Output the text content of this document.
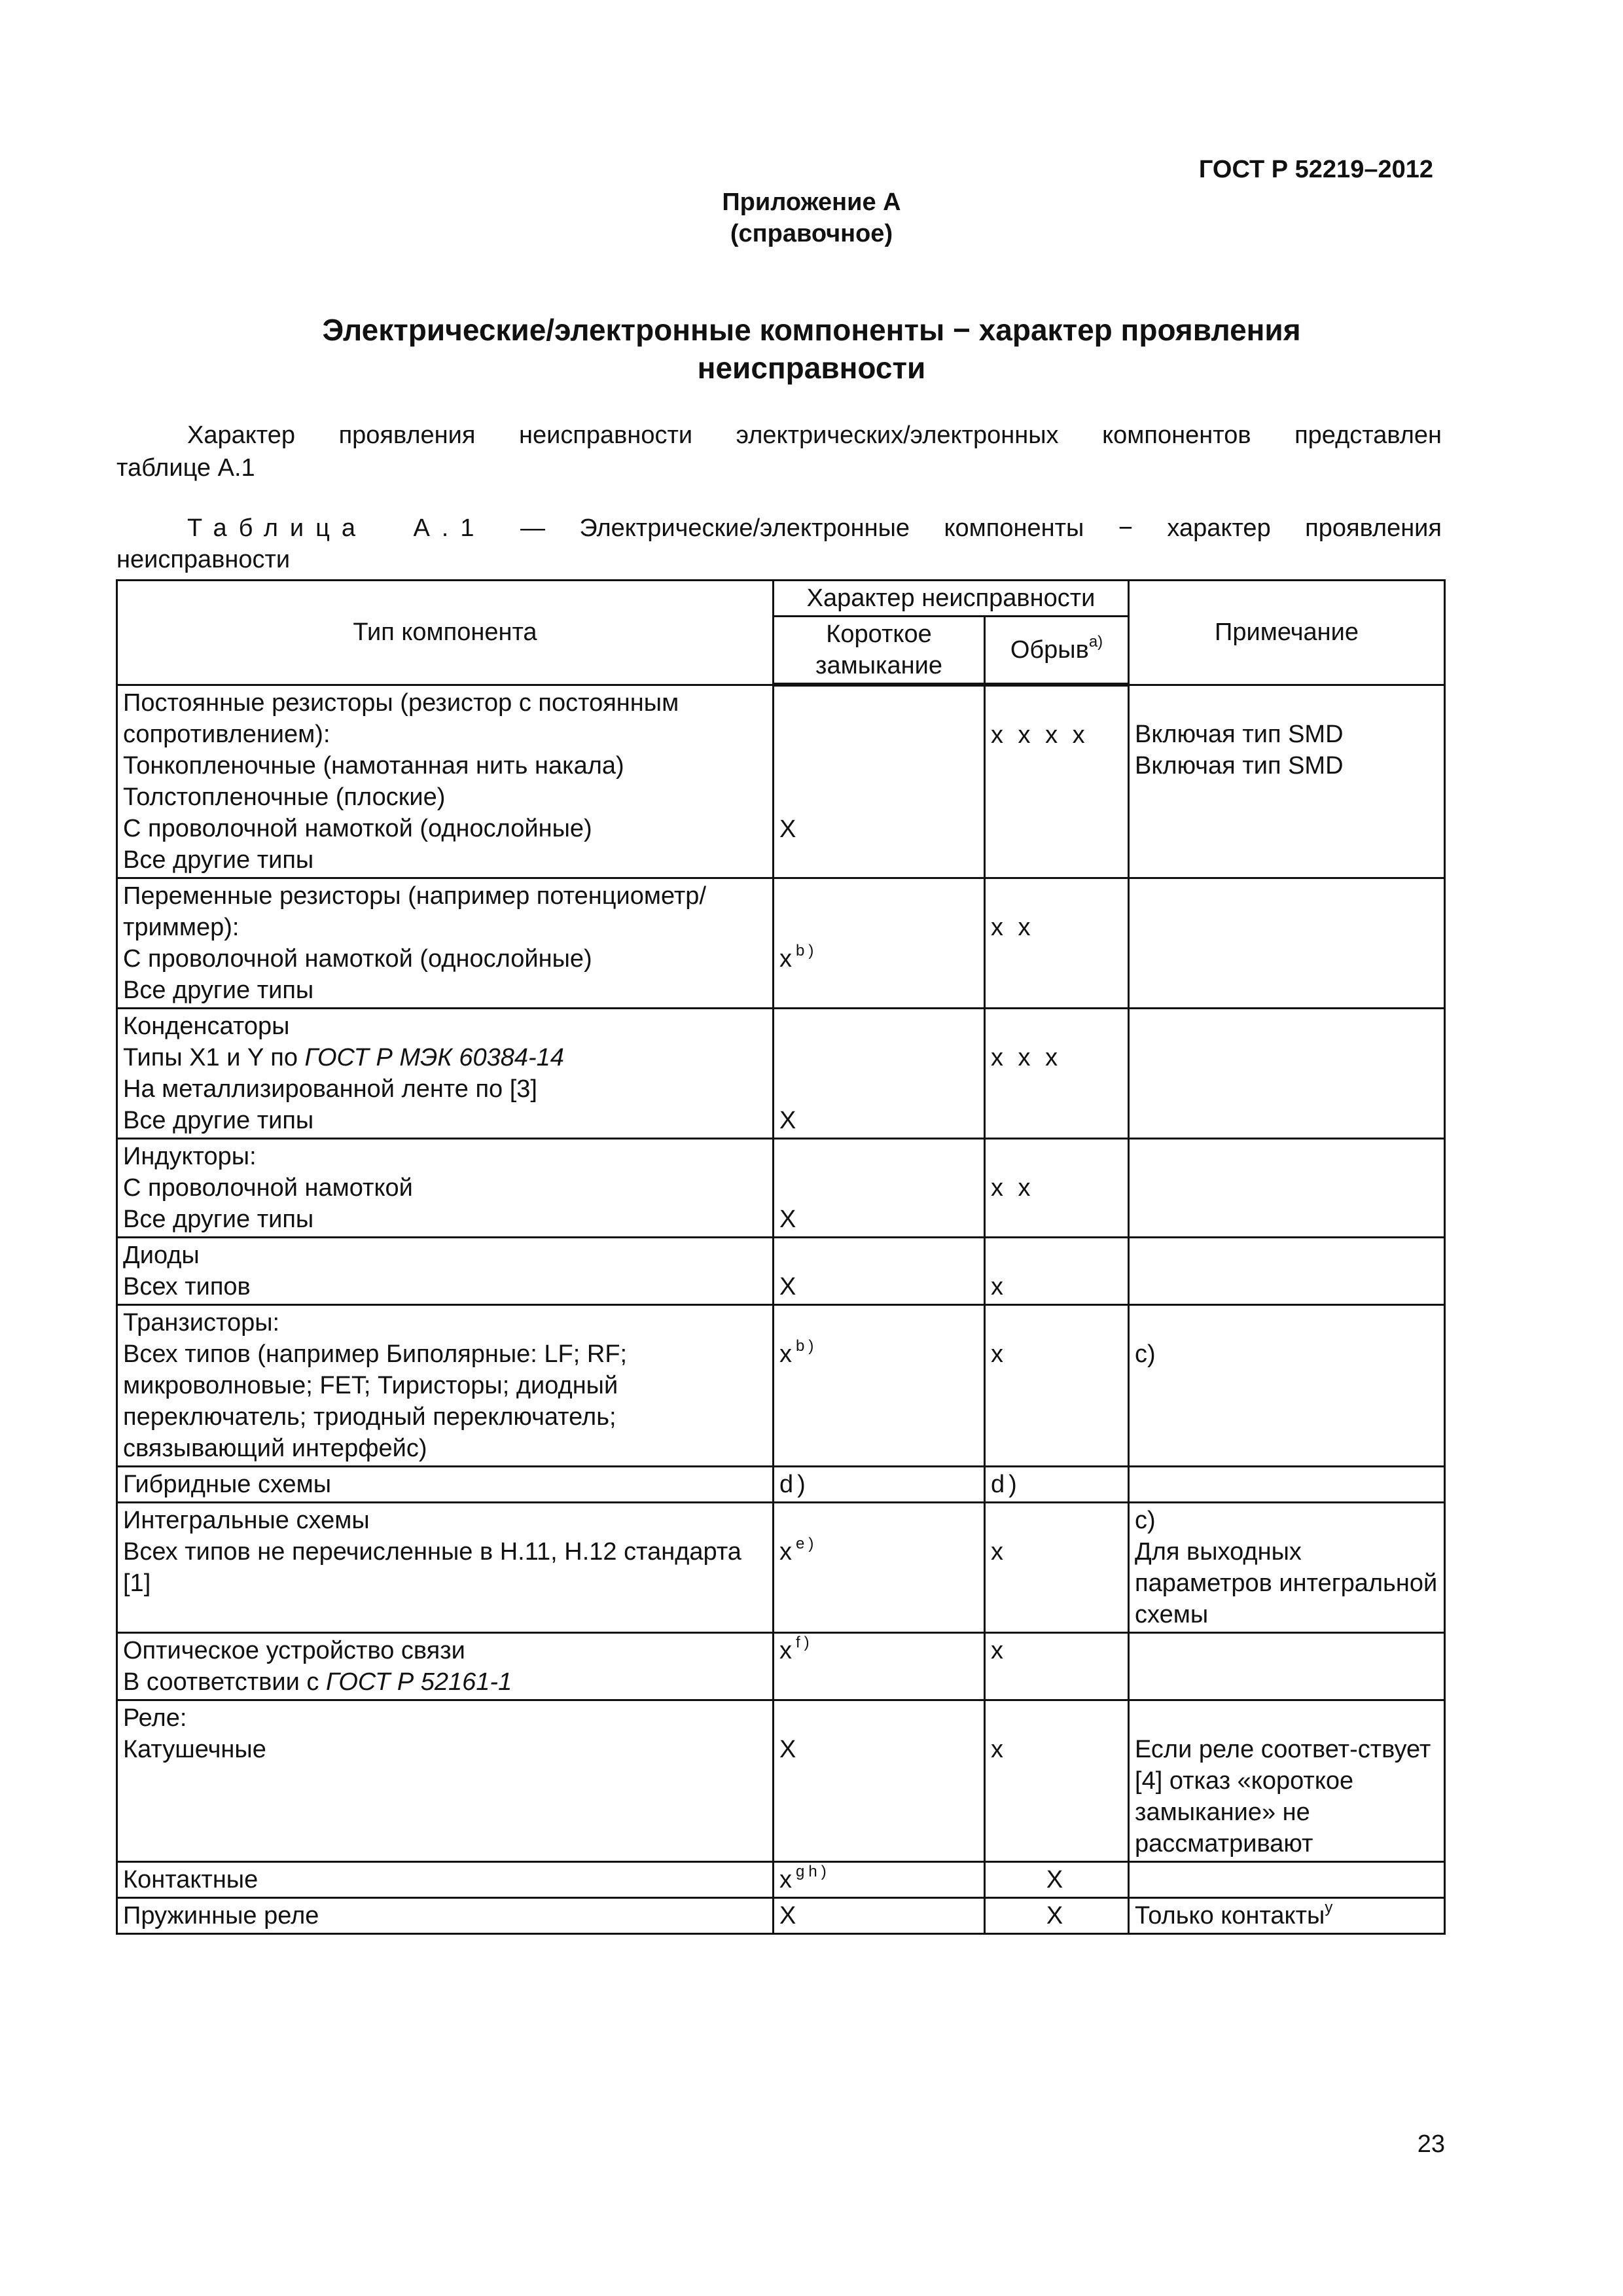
ГОСТ Р 52219–2012
Приложение А
(справочное)
Электрические/электронные компоненты − характер проявления
неисправности
Характер проявления неисправности электрических/электронных компонентов представлен
таблице А.1
Таблица А.1 — Электрические/электронные компоненты − характер проявления
неисправности
Тип компонента	Характер неисправности		Примечание
	Короткое замыкание	Обрыв$^{a)}$

Постоянные резисторы (резистор с постоянным сопротивлением):
Тонкопленочные (намотанная нить накала)
Толстопленочные (плоские)
С проволочной намоткой (однослойные)
Все другие типы	X	x x x x	Включая тип SMD
Включая тип SMD

Переменные резисторы (например потенциометр/триммер):
С проволочной намоткой (однослойные)
Все другие типы	$x^{b)}$	x x	

Конденсаторы
Типы X1 и Y по ГОСТ Р МЭК 60384-14
На металлизированной ленте по [3]
Все другие типы	X	x x x	

Индукторы:
С проволочной намоткой
Все другие типы	X	x x	

Диоды
Всех типов	X	x	

Транзисторы:
Всех типов (например Биполярные: LF; RF; микроволновые; FET; Тиристоры; диодный переключатель; триодный переключатель; связывающий интерфейс)	$x^{b)}$	x	c)

Гибридные схемы	d)	d)	

Интегральные схемы
Всех типов не перечисленные в Н.11, Н.12 стандарта [1]	$x^{e)}$	x	c)
Для выходных параметров интегральной схемы

Оптическое устройство связи
В соответствии с ГОСТ Р 52161-1	$x^{f)}$	x	

Реле:
Катушечные	X	x	Если реле соответ-ствует [4] отказ «короткое замыкание» не рассматривают

Контактные	$x^{gh)}$	X	

Пружинные реле	X	X	Только контакты$^y$
23
